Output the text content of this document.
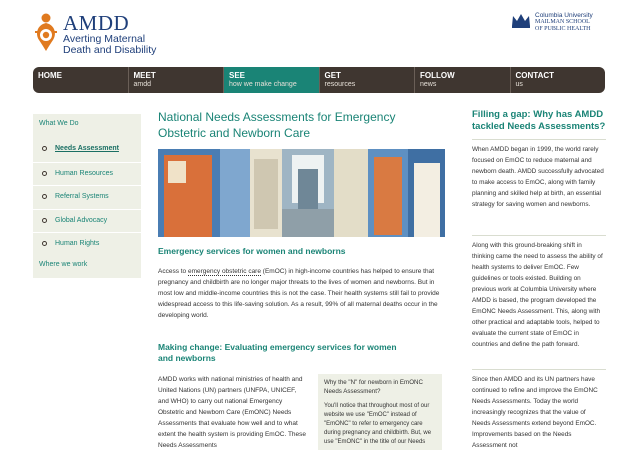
AMDD
Averting Maternal
Death and Disability
Columbia University
MAILMAN SCHOOL
OF PUBLIC HEALTH
HOME	MEET
amdd
SEE
how we make change
GET
resources
FOLLOW
news
CONTACT
us
What We Do
Needs Assessment
Human Resources
Referral Systems
Global Advocacy
Human Rights
Where we work
National Needs Assessments for Emergency Obstetric and Newborn Care
Emergency services for women and newborns
Access to emergency obstetric care (EmOC) in high-income countries has helped to ensure that pregnancy and childbirth are no longer major threats to the lives of women and newborns. But in most low and middle-income countries this is not the case. Their health systems still fail to provide widespread access to this life-saving solution. As a result, 99% of all maternal deaths occur in the developing world.
Making change: Evaluating emergency services for women and newborns
AMDD works with national ministries of health and United Nations (UN) partners (UNFPA, UNICEF, and WHO) to carry out national Emergency Obstetric and Newborn Care (EmONC) Needs Assessments that evaluate how well and to what extent the health system is providing EmOC. These Needs Assessments
Why the "N" for newborn in EmONC Needs Assessment?
You'll notice that throughout most of our website we use "EmOC" instead of "EmONC" to refer to emergency care during pregnancy and childbirth. But, we use "EmONC" in the title of our Needs
Filling a gap: Why has AMDD tackled Needs Assessments?
When AMDD began in 1999, the world rarely focused on EmOC to reduce maternal and newborn death. AMDD successfully advocated to make access to EmOC, along with family planning and skilled help at birth, an essential strategy for saving women and newborns.
Along with this ground-breaking shift in thinking came the need to assess the ability of health systems to deliver EmOC. Few guidelines or tools existed. Building on previous work at Columbia University where AMDD is based, the program developed the EmONC Needs Assessment. This, along with other practical and adaptable tools, helped to evaluate the current state of EmOC in countries and define the path forward.
Since then AMDD and its UN partners have continued to refine and improve the EmONC Needs Assessments. Today the world increasingly recognizes that the value of Needs Assessments extend beyond EmOC. Improvements based on the Needs Assessment not
